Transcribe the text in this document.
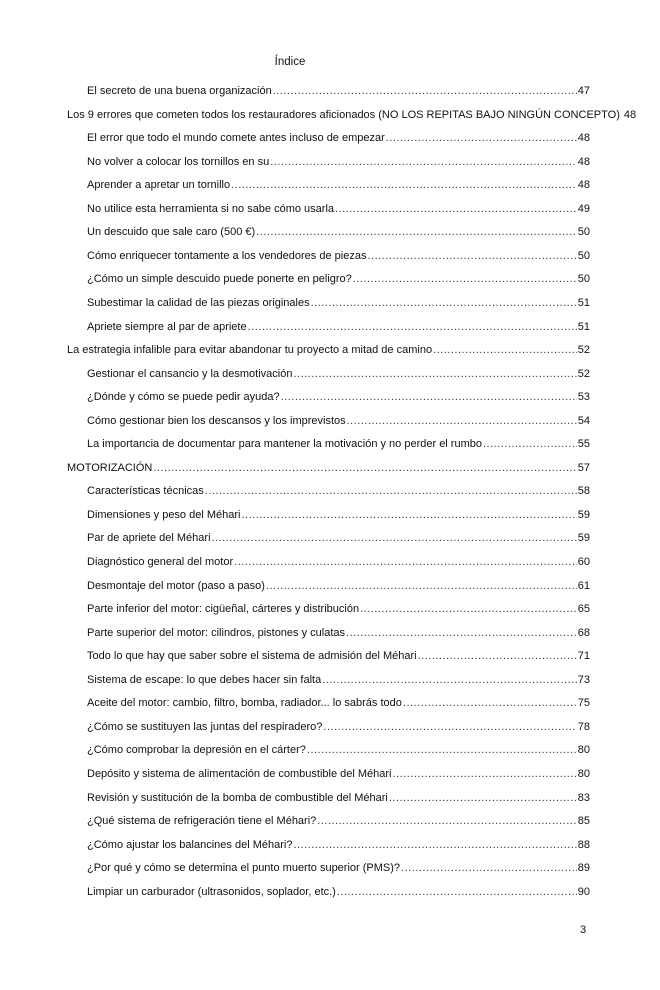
Índice
El secreto de una buena organización .....	47
Los 9 errores que cometen todos los restauradores aficionados (NO LOS REPITAS BAJO NINGÚN CONCEPTO) 48
El error que todo el mundo comete antes incluso de empezar .....	48
No volver a colocar los tornillos en su .....	48
Aprender a apretar un tornillo .....	48
No utilice esta herramienta si no sabe cómo usarla .....	49
Un descuido que sale caro (500 €) .....	50
Cómo enriquecer tontamente a los vendedores de piezas .....	50
¿Cómo un simple descuido puede ponerte en peligro? .....	50
Subestimar la calidad de las piezas originales .....	51
Apriete siempre al par de apriete .....	51
La estrategia infalible para evitar abandonar tu proyecto a mitad de camino .....	52
Gestionar el cansancio y la desmotivación .....	52
¿Dónde y cómo se puede pedir ayuda? .....	53
Cómo gestionar bien los descansos y los imprevistos .....	54
La importancia de documentar para mantener la motivación y no perder el rumbo .....	55
MOTORIZACIÓN .....	57
Características técnicas .....	58
Dimensiones y peso del Méhari .....	59
Par de apriete del Méhari .....	59
Diagnóstico general del motor .....	60
Desmontaje del motor (paso a paso) .....	61
Parte inferior del motor: cigüeñal, cárteres y distribución .....	65
Parte superior del motor: cilindros, pistones y culatas .....	68
Todo lo que hay que saber sobre el sistema de admisión del Méhari .....	71
Sistema de escape: lo que debes hacer sin falta .....	73
Aceite del motor: cambio, filtro, bomba, radiador... lo sabrás todo .....	75
¿Cómo se sustituyen las juntas del respiradero? .....	78
¿Cómo comprobar la depresión en el cárter? .....	80
Depósito y sistema de alimentación de combustible del Méhari .....	80
Revisión y sustitución de la bomba de combustible del Méhari .....	83
¿Qué sistema de refrigeración tiene el Méhari? .....	85
¿Cómo ajustar los balancines del Méhari? .....	88
¿Por qué y cómo se determina el punto muerto superior (PMS)? .....	89
Limpiar un carburador (ultrasonidos, soplador, etc.) .....	90
3
